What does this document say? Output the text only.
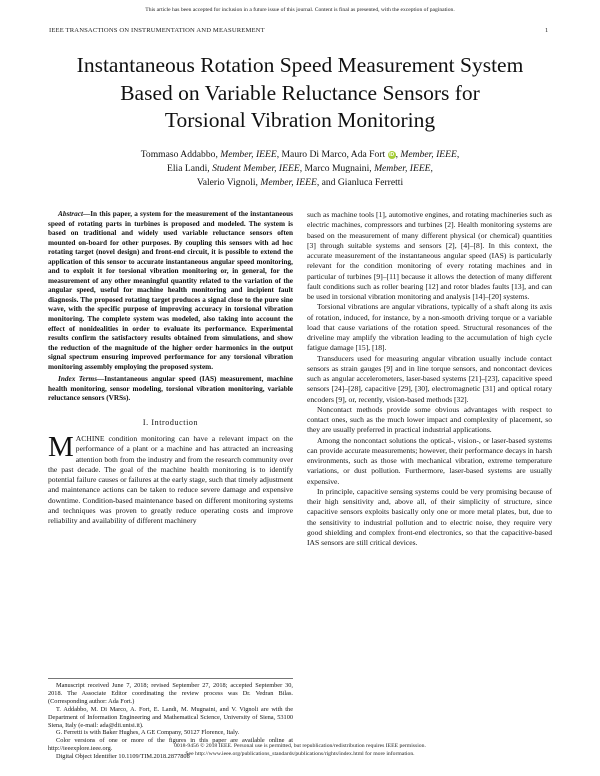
This article has been accepted for inclusion in a future issue of this journal. Content is final as presented, with the exception of pagination.
IEEE TRANSACTIONS ON INSTRUMENTATION AND MEASUREMENT	1
Instantaneous Rotation Speed Measurement System
Based on Variable Reluctance Sensors for
Torsional Vibration Monitoring
Tommaso Addabbo, Member, IEEE, Mauro Di Marco, Ada Fort iD , Member, IEEE,
Elia Landi, Student Member, IEEE, Marco Mugnaini, Member, IEEE,
Valerio Vignoli, Member, IEEE, and Gianluca Ferretti

Abstract—In this paper, a system for the measurement of the instantaneous speed of rotating parts in turbines is proposed and modeled. The system is based on traditional and widely used variable reluctance sensors often mounted on-board for other purposes. By coupling this sensors with ad hoc rotating target (novel design) and front-end circuit, it is possible to extend the application of this sensor to accurate instantaneous angular speed monitoring, and to exploit it for torsional vibration monitoring or, in general, for the measurement of any other meaningful quantity related to the variation of the angular speed, useful for machine health monitoring and incipient fault diagnosis. The proposed rotating target produces a signal close to the pure sine wave, with the specific purpose of improving accuracy in torsional vibration monitoring. The complete system was modeled, also taking into account the effect of nonidealities in order to evaluate its performance. Experimental results confirm the satisfactory results obtained from simulations, and show the reduction of the magnitude of the higher order harmonics in the output signal spectrum ensuring improved performance for any torsional vibration monitoring assembly employing the proposed system.

Index Terms—Instantaneous angular speed (IAS) measurement, machine health monitoring, sensor modeling, torsional vibration monitoring, variable reluctance sensors (VRSs).

I. Introduction

MACHINE condition monitoring can have a relevant impact on the performance of a plant or a machine and has attracted an increasing attention both from the industry and from the research community over the past decade. The goal of the machine health monitoring is to identify potential failure causes or failures at the early stage, such that timely adjustment and maintenance actions can be taken to reduce severe damage and expensive downtime. Condition-based maintenance based on different monitoring systems and techniques was proven to greatly reduce operating costs and improve reliability and availability of different machinery

Manuscript received June 7, 2018; revised September 27, 2018; accepted September 30, 2018. The Associate Editor coordinating the review process was Dr. Vedran Bilas. (Corresponding author: Ada Fort.)

T. Addabbo, M. Di Marco, A. Fort, E. Landi, M. Mugnaini, and V. Vignoli are with the Department of Information Engineering and Mathematical Science, University of Siena, 53100 Siena, Italy (e-mail: ada@dii.unisi.it).

G. Ferretti is with Baker Hughes, A GE Company, 50127 Florence, Italy.

Color versions of one or more of the figures in this paper are available online at http://ieeexplore.ieee.org.

Digital Object Identifier 10.1109/TIM.2018.2877808

such as machine tools [1], automotive engines, and rotating machineries such as electric machines, compressors and turbines [2]. Health monitoring systems are based on the measurement of many different physical (or chemical) quantities [3] through suitable systems and sensors [2], [4]–[8]. In this context, the accurate measurement of the instantaneous angular speed (IAS) is particularly relevant for the condition monitoring of every rotating machines and in particular of turbines [9]–[11] because it allows the detection of many different fault conditions such as roller bearing [12] and rotor blades faults [13], and can be used in torsional vibration monitoring and analysis [14]–[20] systems.

Torsional vibrations are angular vibrations, typically of a shaft along its axis of rotation, induced, for instance, by a non-smooth driving torque or a variable load that cause variations of the rotation speed. Structural resonances of the driveline may amplify the vibration leading to the accumulation of high cycle fatigue damage [15], [18].

Transducers used for measuring angular vibration usually include contact sensors as strain gauges [9] and in line torque sensors, and noncontact devices such as angular accelerometers, laser-based systems [21]–[23], capacitive speed sensors [24]–[28], capacitive [29], [30], electromagnetic [31] and optical rotary encoders [9], or, recently, vision-based methods [32].

Noncontact methods provide some obvious advantages with respect to contact ones, such as the much lower impact and complexity of placement, so they are usually preferred in practical industrial applications.

Among the noncontact solutions the optical-, vision-, or laser-based systems can provide accurate measurements; however, their performance decays in harsh environments, such as those with mechanical vibration, extreme temperature variations, or dust pollution. Furthermore, laser-based systems are usually expensive.

In principle, capacitive sensing systems could be very promising because of their high sensitivity and, above all, of their simplicity of structure, since capacitive sensors exploits basically only one or more metal plates, but, due to the sensitivity to industrial pollution and to electric noise, they require very good shielding and complex front-end electronics, so that the capacitive-based IAS sensors are still critical devices.

0018-9456 © 2018 IEEE. Personal use is permitted, but republication/redistribution requires IEEE permission.
See http://www.ieee.org/publications_standards/publications/rights/index.html for more information.
